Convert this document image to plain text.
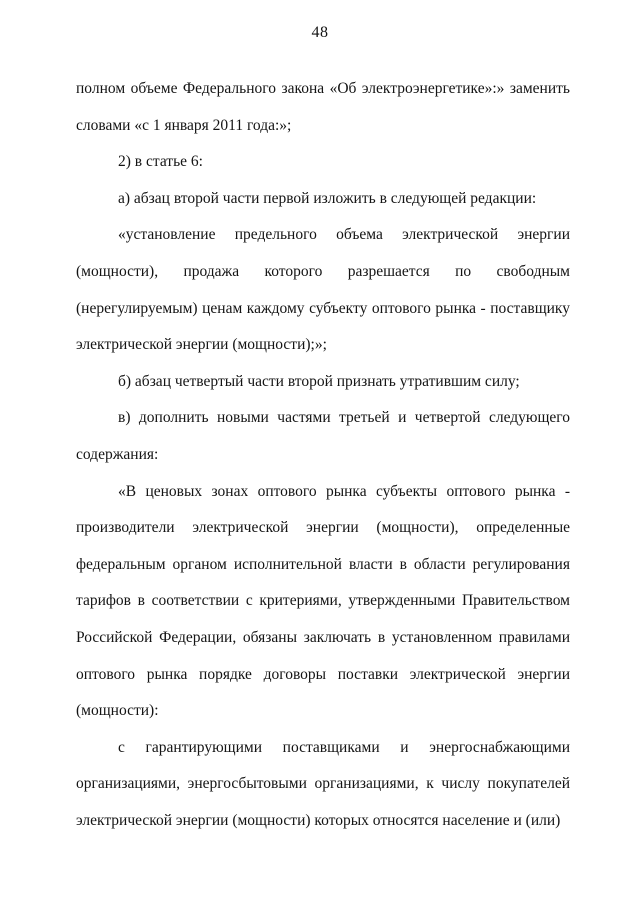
48

полном объеме Федерального закона «Об электроэнергетике»:» заменить словами «с 1 января 2011 года:»;

2) в статье 6:

а) абзац второй части первой изложить в следующей редакции:

«установление предельного объема электрической энергии (мощности), продажа которого разрешается по свободным (нерегулируемым) ценам каждому субъекту оптового рынка - поставщику электрической энергии (мощности);»;

б) абзац четвертый части второй признать утратившим силу;

в) дополнить новыми частями третьей и четвертой следующего содержания:

«В ценовых зонах оптового рынка субъекты оптового рынка - производители электрической энергии (мощности), определенные федеральным органом исполнительной власти в области регулирования тарифов в соответствии с критериями, утвержденными Правительством Российской Федерации, обязаны заключать в установленном правилами оптового рынка порядке договоры поставки электрической энергии (мощности):

с гарантирующими поставщиками и энергоснабжающими организациями, энергосбытовыми организациями, к числу покупателей электрической энергии (мощности) которых относятся население и (или)
